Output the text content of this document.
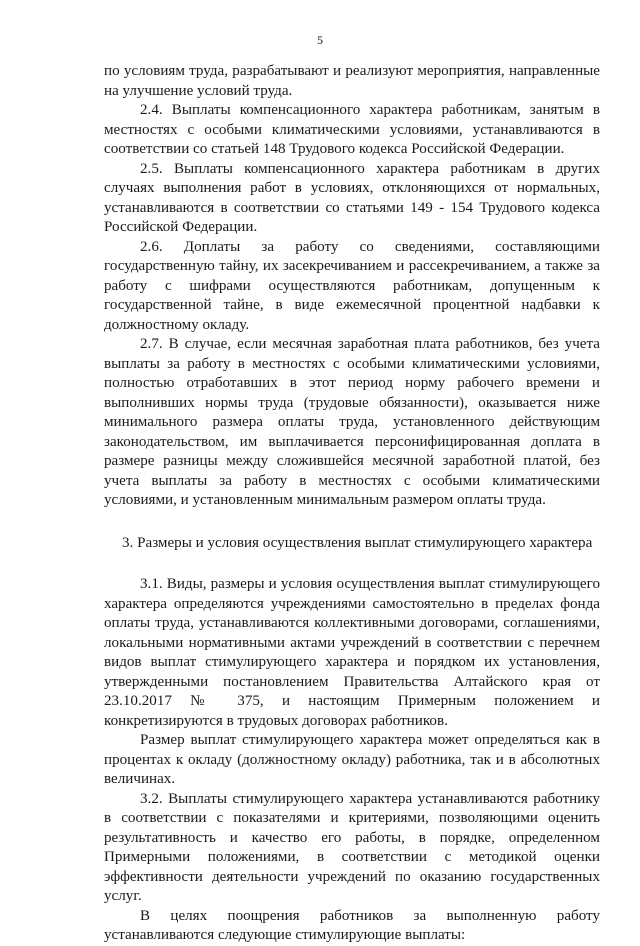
5

по условиям труда, разрабатывают и реализуют мероприятия, направленные на улучшение условий труда.

2.4. Выплаты компенсационного характера работникам, занятым в местностях с особыми климатическими условиями, устанавливаются в соответствии со статьей 148 Трудового кодекса Российской Федерации.

2.5. Выплаты компенсационного характера работникам в других случаях выполнения работ в условиях, отклоняющихся от нормальных, устанавливаются в соответствии со статьями 149 - 154 Трудового кодекса Российской Федерации.

2.6. Доплаты за работу со сведениями, составляющими государственную тайну, их засекречиванием и рассекречиванием, а также за работу с шифрами осуществляются работникам, допущенным к государственной тайне, в виде ежемесячной процентной надбавки к должностному окладу.

2.7. В случае, если месячная заработная плата работников, без учета выплаты за работу в местностях с особыми климатическими условиями, полностью отработавших в этот период норму рабочего времени и выполнивших нормы труда (трудовые обязанности), оказывается ниже минимального размера оплаты труда, установленного действующим законодательством, им выплачивается персонифицированная доплата в размере разницы между сложившейся месячной заработной платой, без учета выплаты за работу в местностях с особыми климатическими условиями, и установленным минимальным размером оплаты труда.

3. Размеры и условия осуществления выплат стимулирующего характера

3.1. Виды, размеры и условия осуществления выплат стимулирующего характера определяются учреждениями самостоятельно в пределах фонда оплаты труда, устанавливаются коллективными договорами, соглашениями, локальными нормативными актами учреждений в соответствии с перечнем видов выплат стимулирующего характера и порядком их установления, утвержденными постановлением Правительства Алтайского края от 23.10.2017 № 375, и настоящим Примерным положением и конкретизируются в трудовых договорах работников.

Размер выплат стимулирующего характера может определяться как в процентах к окладу (должностному окладу) работника, так и в абсолютных величинах.

3.2. Выплаты стимулирующего характера устанавливаются работнику в соответствии с показателями и критериями, позволяющими оценить результативность и качество его работы, в порядке, определенном Примерными положениями, в соответствии с методикой оценки эффективности деятельности учреждений по оказанию государственных услуг.

В целях поощрения работников за выполненную работу устанавливаются следующие стимулирующие выплаты:
